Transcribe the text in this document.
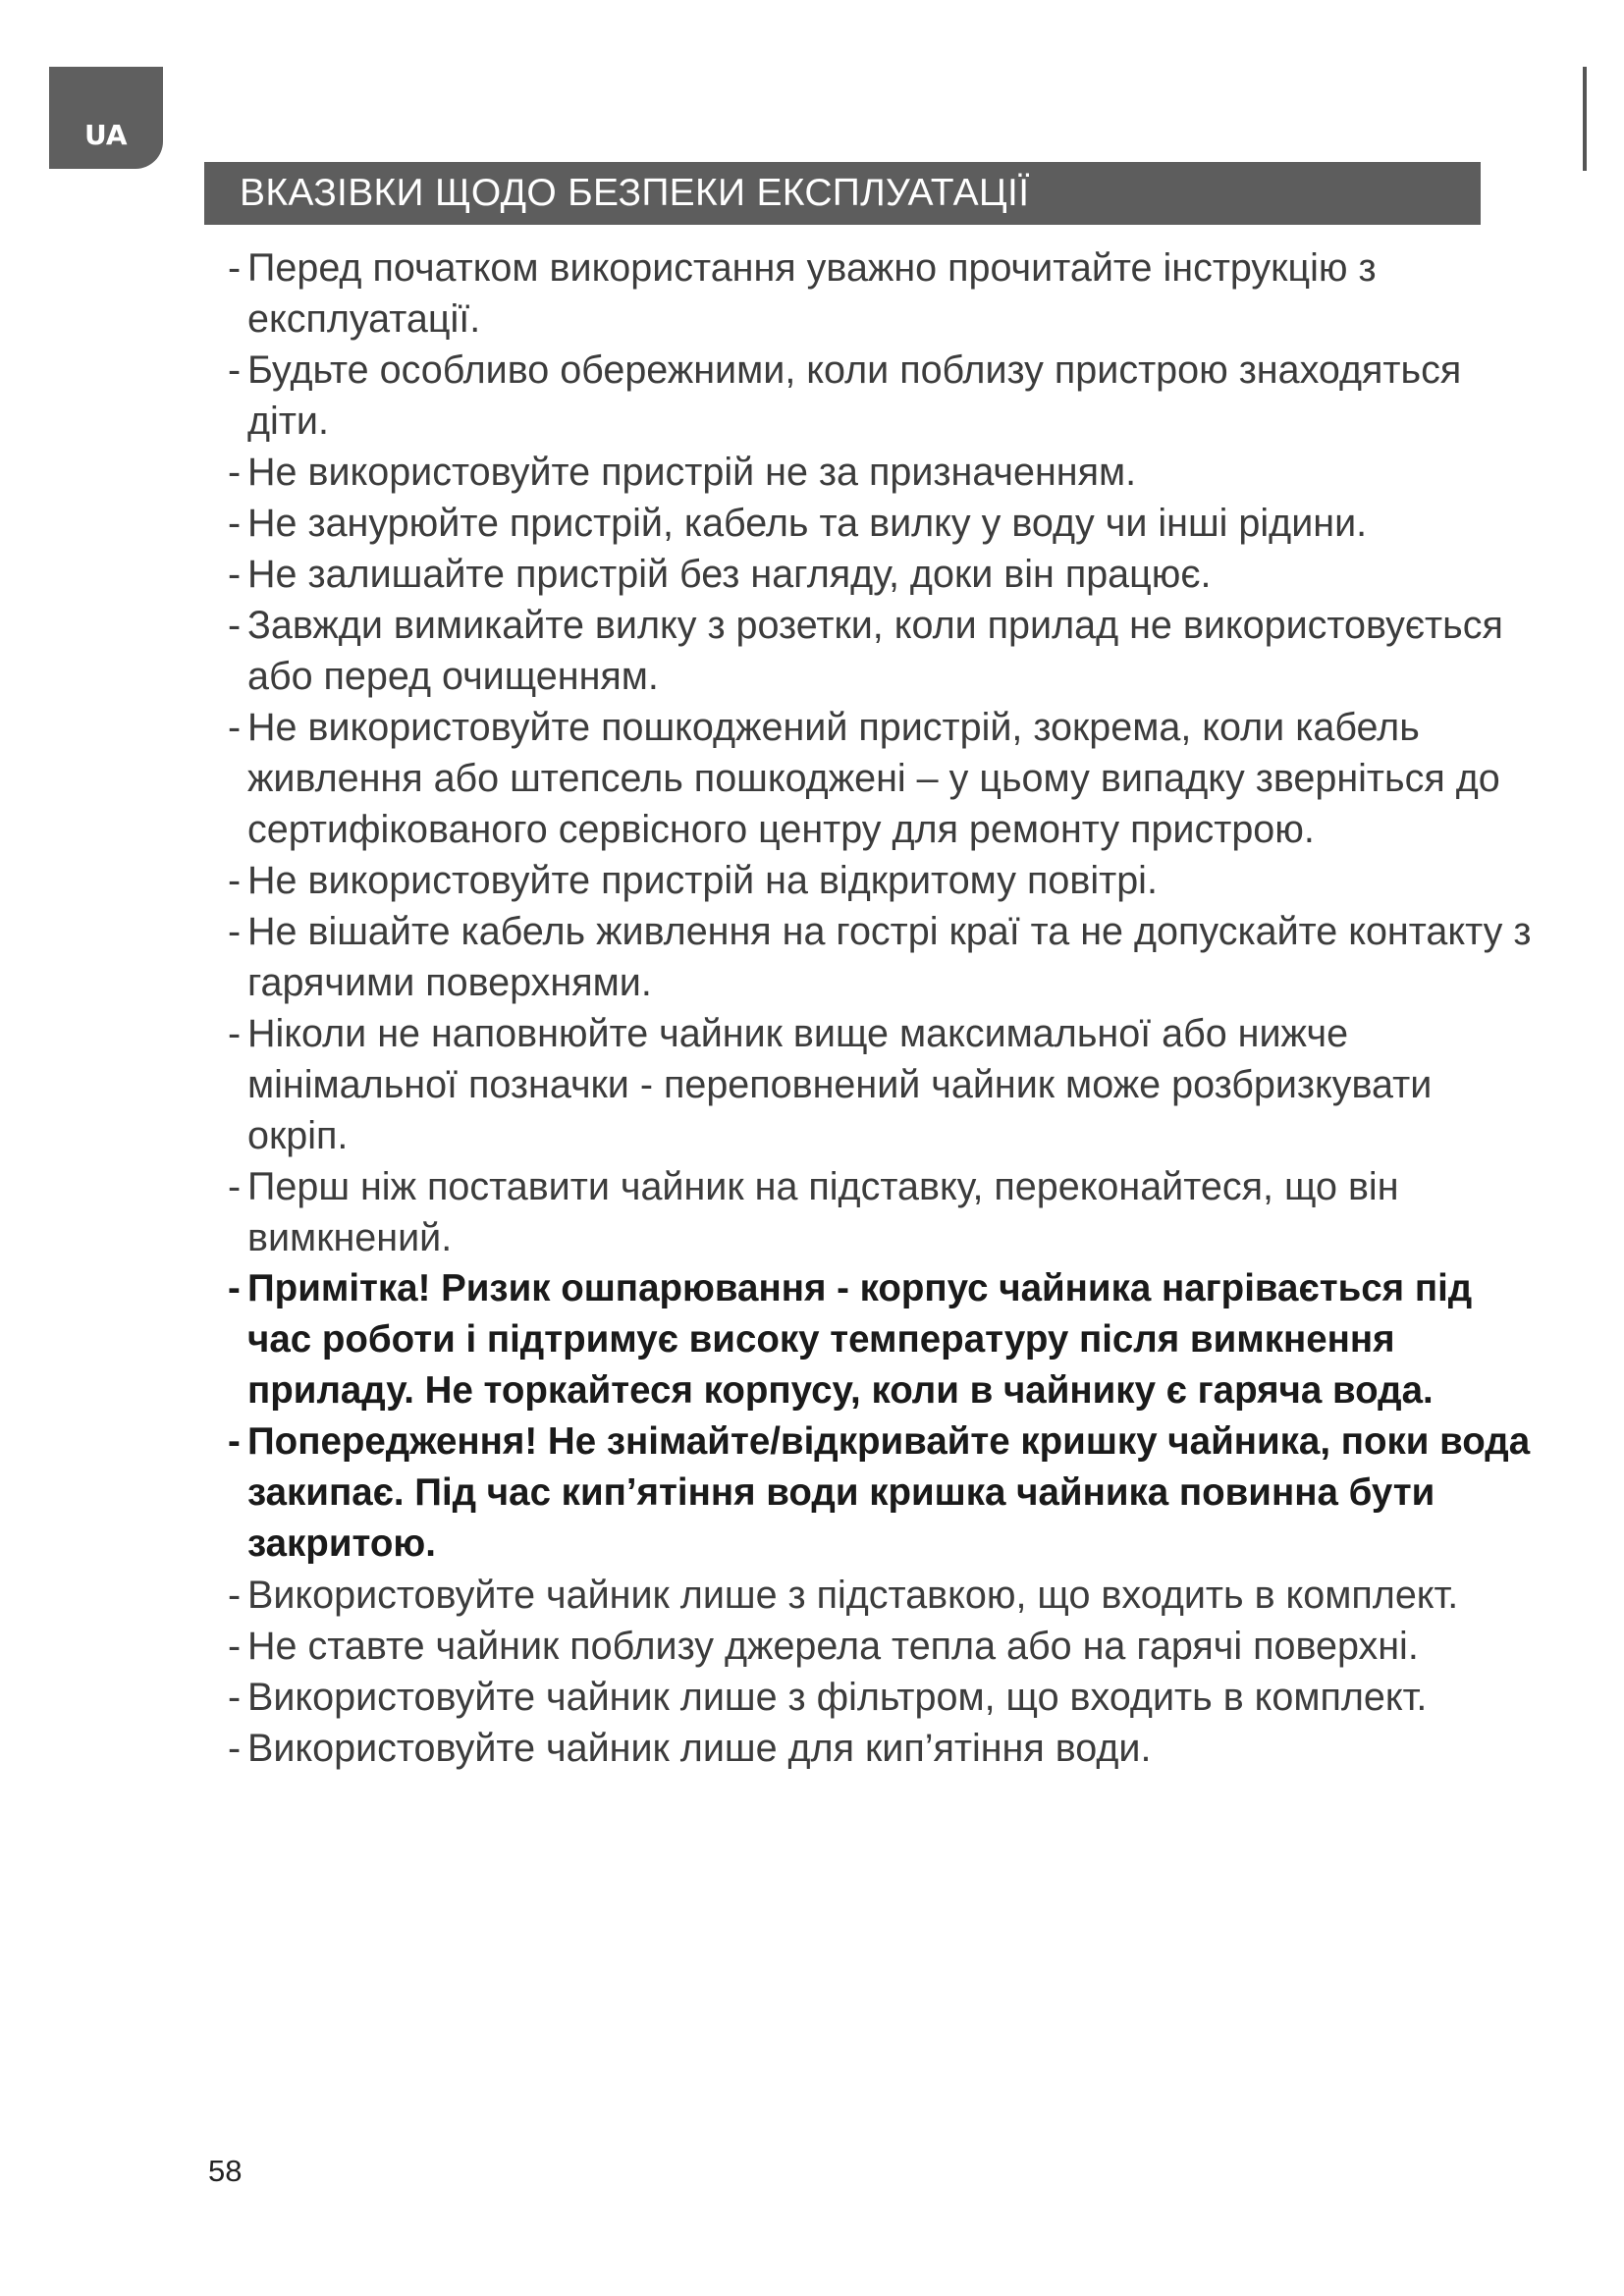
UA
ВКАЗІВКИ ЩОДО БЕЗПЕКИ ЕКСПЛУАТАЦІЇ
- Перед початком використання уважно прочитайте інструкцію з експлуатації.
- Будьте особливо обережними, коли поблизу пристрою знаходяться діти.
- Не використовуйте пристрій не за призначенням.
- Не занурюйте пристрій, кабель та вилку у воду чи інші рідини.
- Не залишайте пристрій без нагляду, доки він працює.
- Завжди вимикайте вилку з розетки, коли прилад не використовується або перед очищенням.
- Не використовуйте пошкоджений пристрій, зокрема, коли кабель живлення або штепсель пошкоджені – у цьому випадку зверніться до сертифікованого сервісного центру для ремонту пристрою.
- Не використовуйте пристрій на відкритому повітрі.
- Не вішайте кабель живлення на гострі краї та не допускайте контакту з гарячими поверхнями.
- Ніколи не наповнюйте чайник вище максимальної або нижче мінімальної позначки - переповнений чайник може розбризкувати окріп.
- Перш ніж поставити чайник на підставку, переконайтеся, що він вимкнений.
- Примітка! Ризик ошпарювання - корпус чайника нагрівається під час роботи і підтримує високу температуру після вимкнення приладу. Не торкайтеся корпусу, коли в чайнику є гаряча вода.
- Попередження! Не знімайте/відкривайте кришку чайника, поки вода закипає. Під час кип’ятіння води кришка чайника повинна бути закритою.
- Використовуйте чайник лише з підставкою, що входить в комплект.
- Не ставте чайник поблизу джерела тепла або на гарячі поверхні.
- Використовуйте чайник лише з фільтром, що входить в комплект.
- Використовуйте чайник лише для кип’ятіння води.
58
